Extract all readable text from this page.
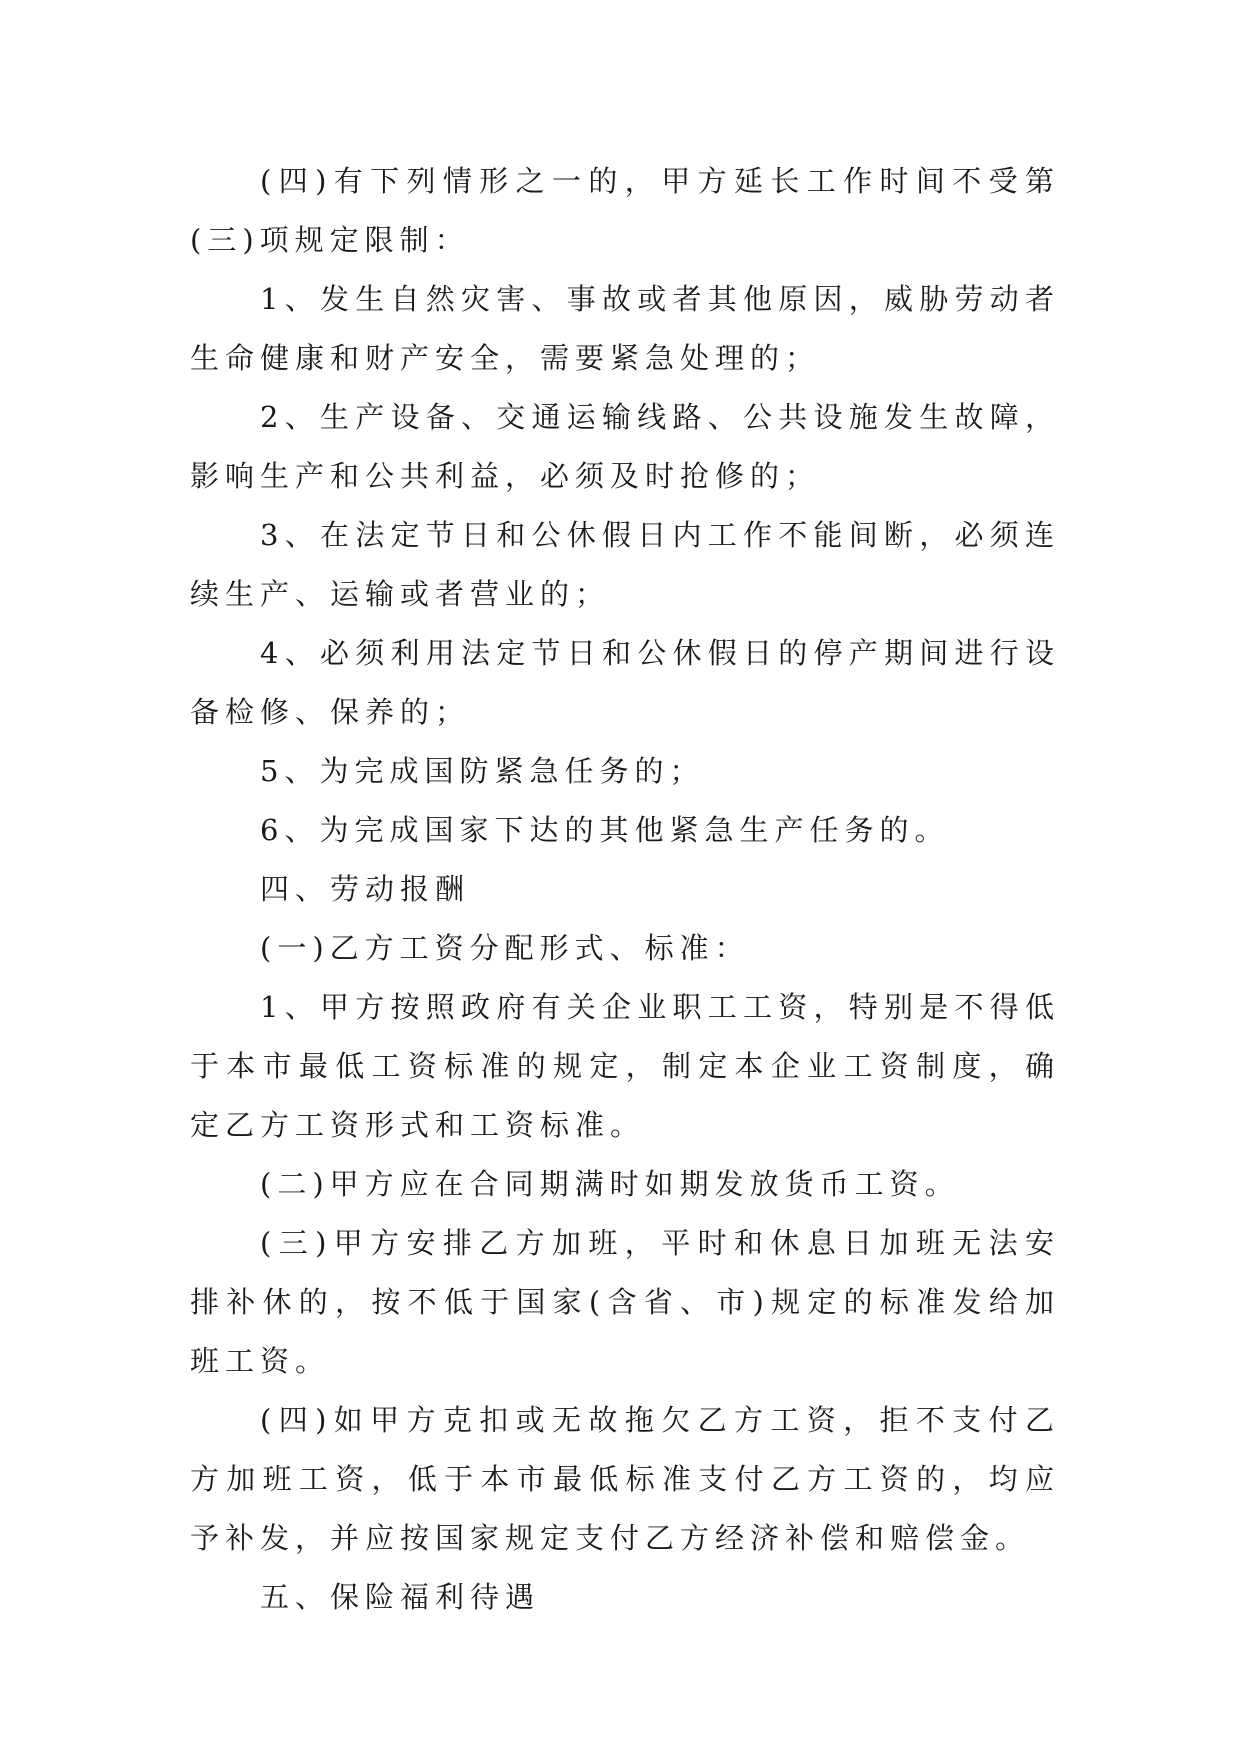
(四)有下列情形之一的，甲方延长工作时间不受第(三)项规定限制：

1、发生自然灾害、事故或者其他原因，威胁劳动者生命健康和财产安全，需要紧急处理的；

2、生产设备、交通运输线路、公共设施发生故障，影响生产和公共利益，必须及时抢修的；

3、在法定节日和公休假日内工作不能间断，必须连续生产、运输或者营业的；

4、必须利用法定节日和公休假日的停产期间进行设备检修、保养的；

5、为完成国防紧急任务的；

6、为完成国家下达的其他紧急生产任务的。

四、劳动报酬

(一)乙方工资分配形式、标准：

1、甲方按照政府有关企业职工工资，特别是不得低于本市最低工资标准的规定，制定本企业工资制度，确定乙方工资形式和工资标准。

(二)甲方应在合同期满时如期发放货币工资。

(三)甲方安排乙方加班，平时和休息日加班无法安排补休的，按不低于国家(含省、市)规定的标准发给加班工资。

(四)如甲方克扣或无故拖欠乙方工资，拒不支付乙方加班工资，低于本市最低标准支付乙方工资的，均应予补发，并应按国家规定支付乙方经济补偿和赔偿金。

五、保险福利待遇
